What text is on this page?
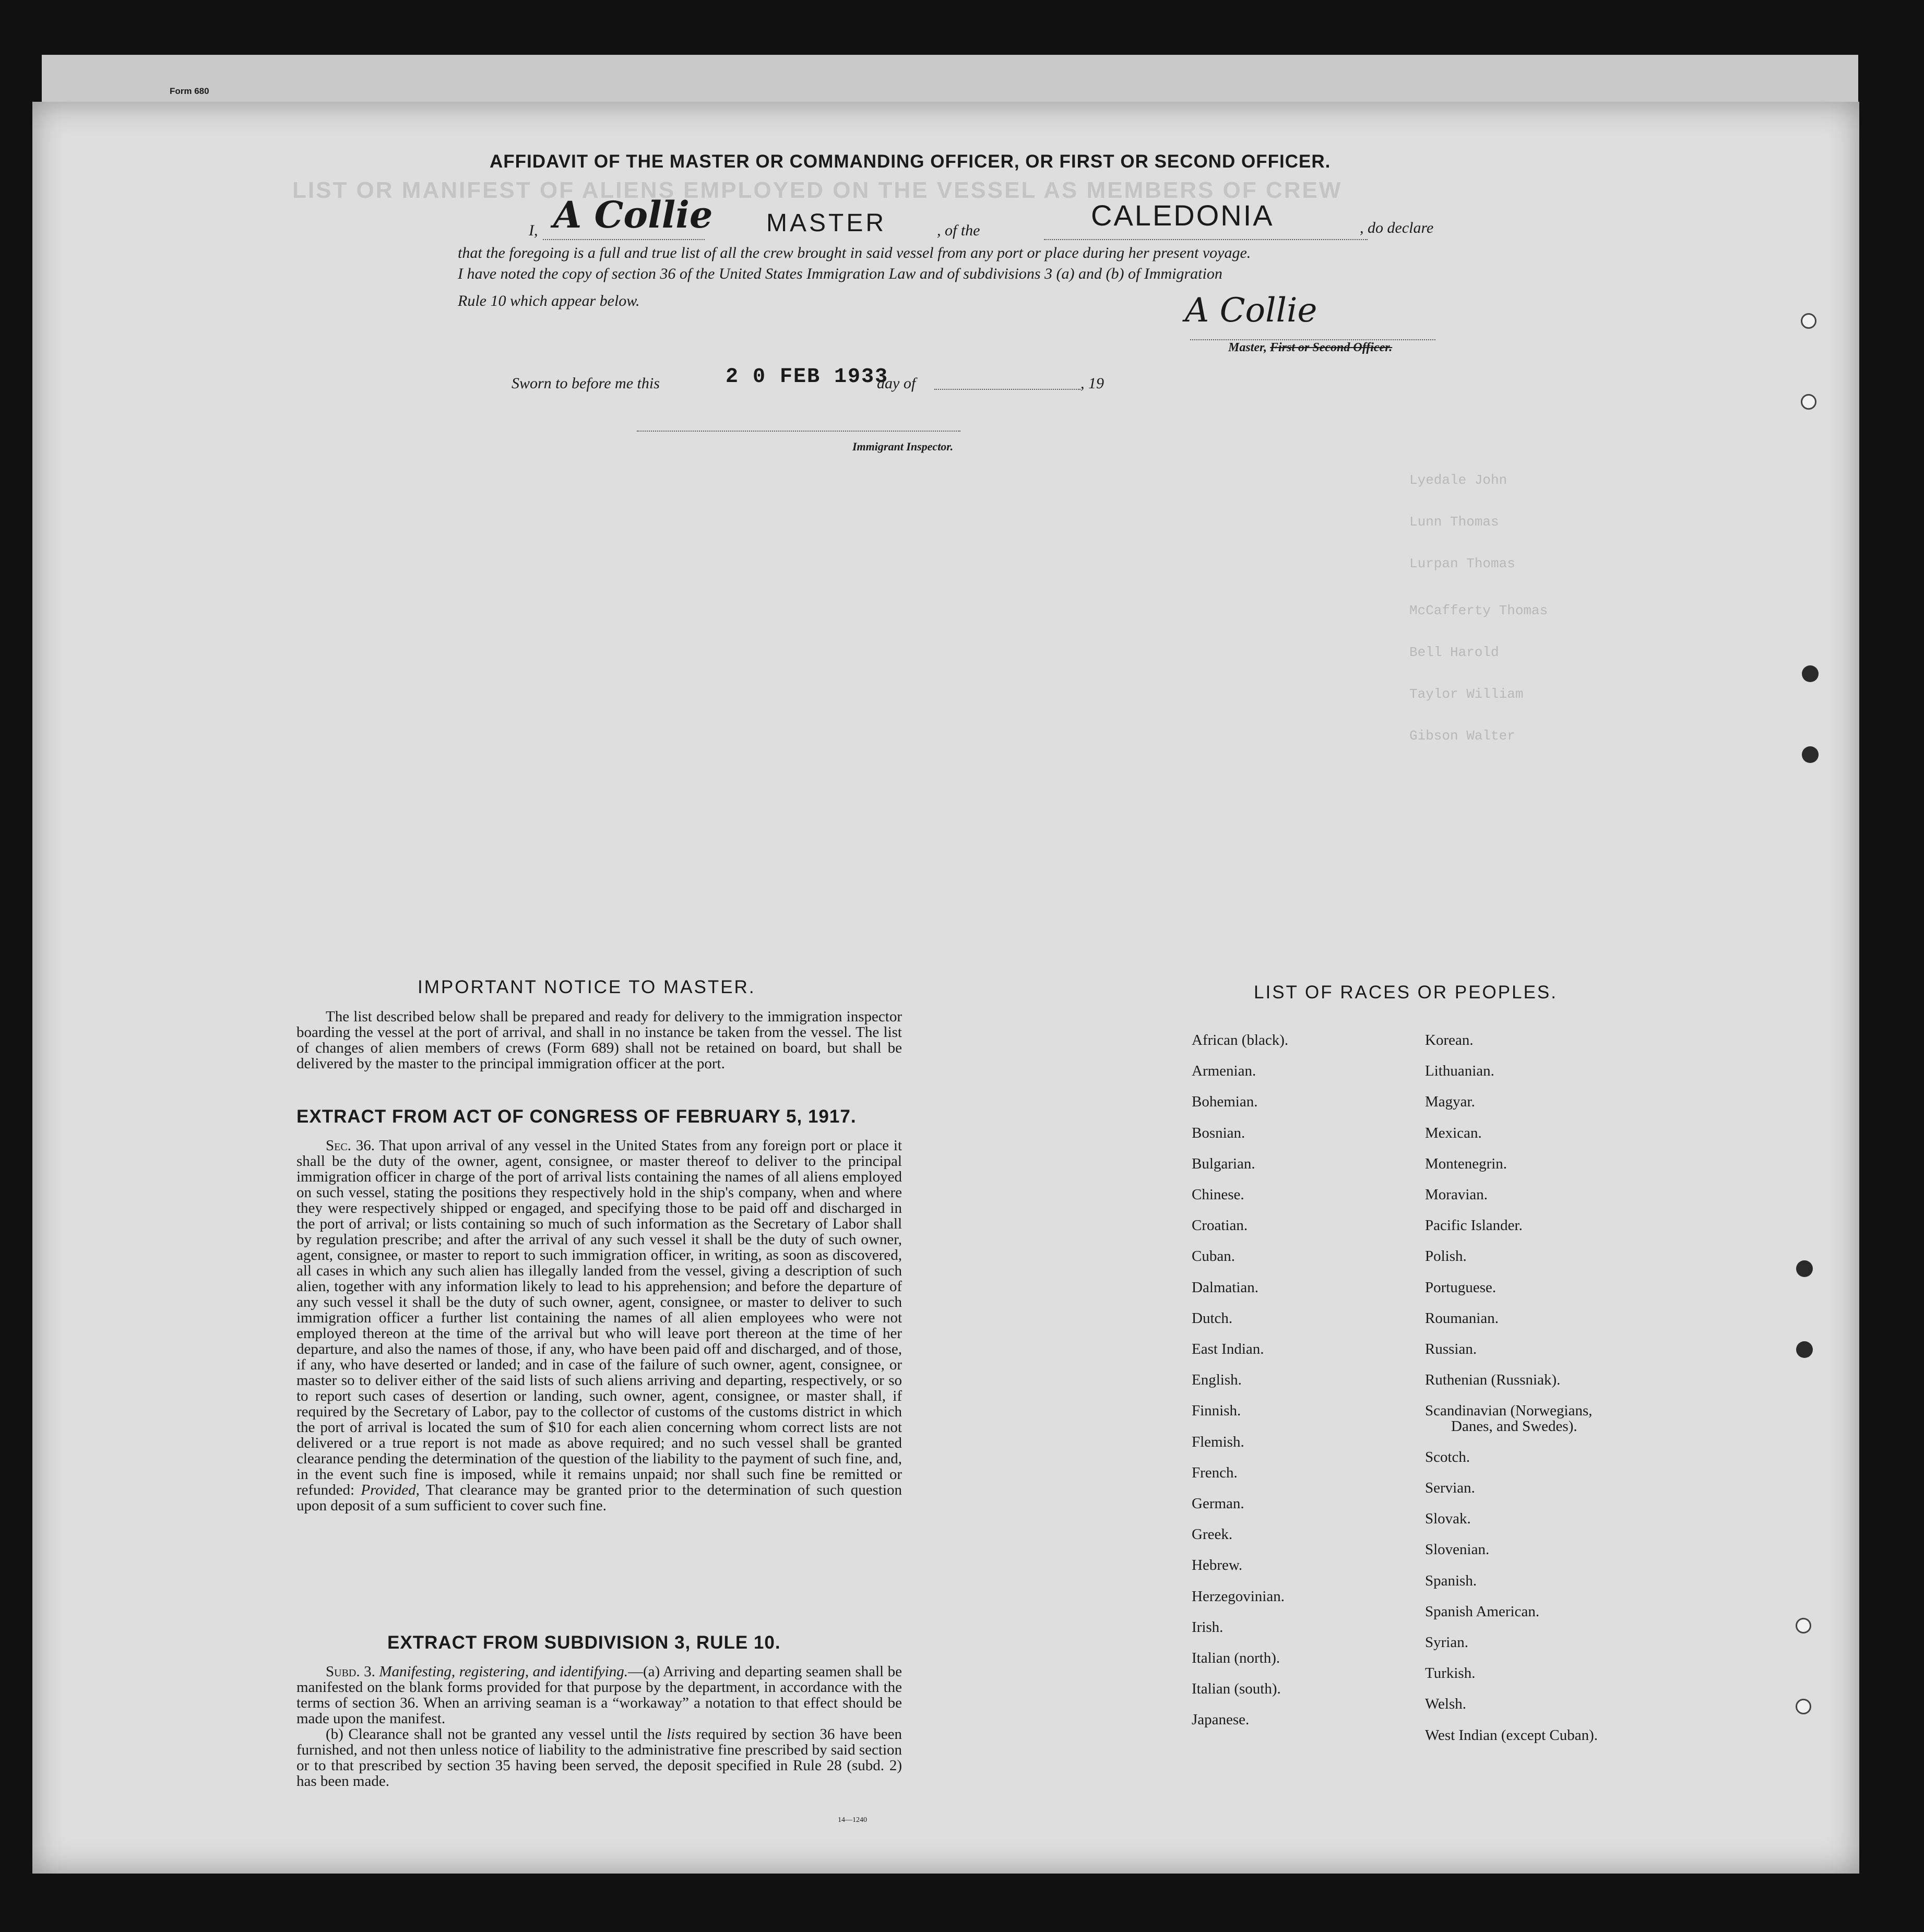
Form 680
LIST OR MANIFEST OF ALIENS EMPLOYED ON THE VESSEL AS MEMBERS OF CREW
AFFIDAVIT OF THE MASTER OR COMMANDING OFFICER, OR FIRST OR SECOND OFFICER.
I, A Collie MASTER	, of the	CALEDONIA	, do declare
that the foregoing is a full and true list of all the crew brought in said vessel from any port or place during her present voyage.
I have noted the copy of section 36 of the United States Immigration Law and of subdivisions 3 (a) and (b) of Immigration
Rule 10 which appear below.	A Collie
Master, First or Second Officer.
Sworn to before me this	2 0 FEB 1933
day of	, 19
Immigrant Inspector.
Lyedale John
Lunn Thomas
Lurpan Thomas
McCafferty Thomas
Bell Harold
Taylor William
Gibson Walter
IMPORTANT NOTICE TO MASTER.

The list described below shall be prepared and ready for delivery to the immigration inspector boarding the vessel at the port of arrival, and shall in no instance be taken from the vessel. The list of changes of alien members of crews (Form 689) shall not be retained on board, but shall be delivered by the master to the principal immigration officer at the port.

EXTRACT FROM ACT OF CONGRESS OF FEBRUARY 5, 1917.

Sec. 36. That upon arrival of any vessel in the United States from any foreign port or place it shall be the duty of the owner, agent, consignee, or master thereof to deliver to the principal immigration officer in charge of the port of arrival lists containing the names of all aliens employed on such vessel, stating the positions they respectively hold in the ship's company, when and where they were respectively shipped or engaged, and specifying those to be paid off and discharged in the port of arrival; or lists containing so much of such information as the Secretary of Labor shall by regulation prescribe; and after the arrival of any such vessel it shall be the duty of such owner, agent, consignee, or master to report to such immigration officer, in writing, as soon as discovered, all cases in which any such alien has illegally landed from the vessel, giving a description of such alien, together with any information likely to lead to his apprehension; and before the departure of any such vessel it shall be the duty of such owner, agent, consignee, or master to deliver to such immigration officer a further list containing the names of all alien employees who were not employed thereon at the time of the arrival but who will leave port thereon at the time of her departure, and also the names of those, if any, who have been paid off and discharged, and of those, if any, who have deserted or landed; and in case of the failure of such owner, agent, consignee, or master so to deliver either of the said lists of such aliens arriving and departing, respectively, or so to report such cases of desertion or landing, such owner, agent, consignee, or master shall, if required by the Secretary of Labor, pay to the collector of customs of the customs district in which the port of arrival is located the sum of $10 for each alien concerning whom correct lists are not delivered or a true report is not made as above required; and no such vessel shall be granted clearance pending the determination of the question of the liability to the payment of such fine, and, in the event such fine is imposed, while it remains unpaid; nor shall such fine be remitted or refunded: Provided, That clearance may be granted prior to the determination of such question upon deposit of a sum sufficient to cover such fine.

EXTRACT FROM SUBDIVISION 3, RULE 10.

Subd. 3. Manifesting, registering, and identifying.—(a) Arriving and departing seamen shall be manifested on the blank forms provided for that purpose by the department, in accordance with the terms of section 36. When an arriving seaman is a “workaway” a notation to that effect should be made upon the manifest.

(b) Clearance shall not be granted any vessel until the lists required by section 36 have been furnished, and not then unless notice of liability to the administrative fine prescribed by said section or to that prescribed by section 35 having been served, the deposit specified in Rule 28 (subd. 2) has been made.

14—1240
LIST OF RACES OR PEOPLES.
African (black).
Armenian.
Bohemian.
Bosnian.
Bulgarian.
Chinese.
Croatian.
Cuban.
Dalmatian.
Dutch.
East Indian.
English.
Finnish.
Flemish.
French.
German.
Greek.
Hebrew.
Herzegovinian.
Irish.
Italian (north).
Italian (south).
Japanese.
Korean.
Lithuanian.
Magyar.
Mexican.
Montenegrin.
Moravian.
Pacific Islander.
Polish.
Portuguese.
Roumanian.
Russian.
Ruthenian (Russniak).
Scandinavian (Norwegians,
Danes, and Swedes).
Scotch.
Servian.
Slovak.
Slovenian.
Spanish.
Spanish American.
Syrian.
Turkish.
Welsh.
West Indian (except Cuban).
